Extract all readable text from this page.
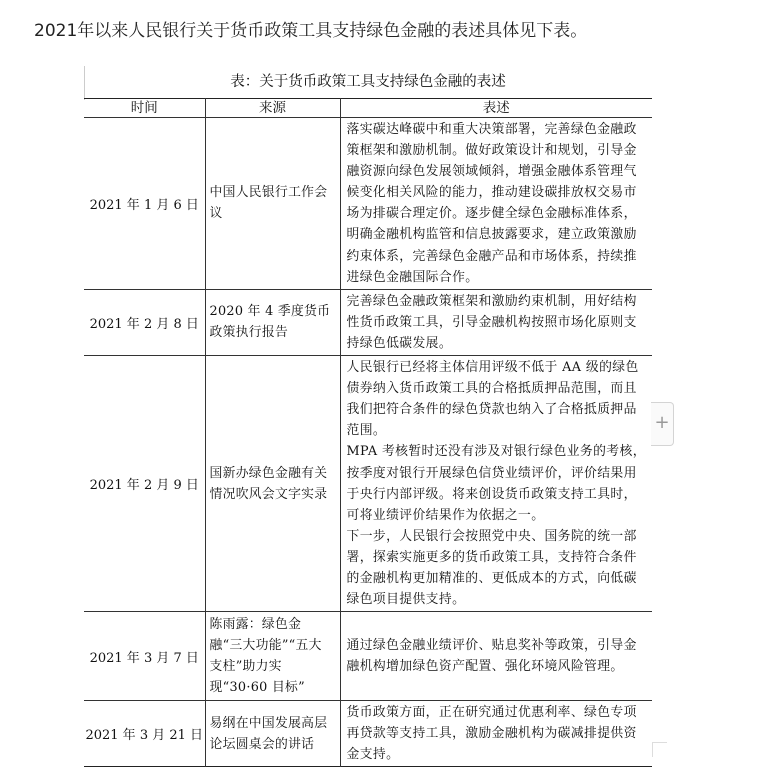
2021年以来人民银行关于货币政策工具支持绿色金融的表述具体见下表。
表：关于货币政策工具支持绿色金融的表述
时间	来源	表述
2021 年 1 月 6 日	中国人民银行工作会议	落实碳达峰碳中和重大决策部署，完善绿色金融政策框架和激励机制。做好政策设计和规划，引导金融资源向绿色发展领域倾斜，增强金融体系管理气候变化相关风险的能力，推动建设碳排放权交易市场为排碳合理定价。逐步健全绿色金融标准体系，明确金融机构监管和信息披露要求，建立政策激励约束体系，完善绿色金融产品和市场体系，持续推进绿色金融国际合作。

2021 年 2 月 8 日	2020 年 4 季度货币政策执行报告	完善绿色金融政策框架和激励约束机制，用好结构性货币政策工具，引导金融机构按照市场化原则支持绿色低碳发展。

2021 年 2 月 9 日	国新办绿色金融有关情况吹风会文字实录	人民银行已经将主体信用评级不低于 AA 级的绿色债券纳入货币政策工具的合格抵质押品范围，而且我们把符合条件的绿色贷款也纳入了合格抵质押品范围。
MPA 考核暂时还没有涉及对银行绿色业务的考核，按季度对银行开展绿色信贷业绩评价，评价结果用于央行内部评级。将来创设货币政策支持工具时，可将业绩评价结果作为依据之一。
下一步，人民银行会按照党中央、国务院的统一部署，探索实施更多的货币政策工具，支持符合条件的金融机构更加精准的、更低成本的方式，向低碳绿色项目提供支持。

2021 年 3 月 7 日	陈雨露：绿色金融“三大功能”“五大支柱”助力实现“30·60 目标”	通过绿色金融业绩评价、贴息奖补等政策，引导金融机构增加绿色资产配置、强化环境风险管理。

2021 年 3 月 21 日	易纲在中国发展高层论坛圆桌会的讲话	货币政策方面，正在研究通过优惠利率、绿色专项再贷款等支持工具，激励金融机构为碳减排提供资金支持。
+
